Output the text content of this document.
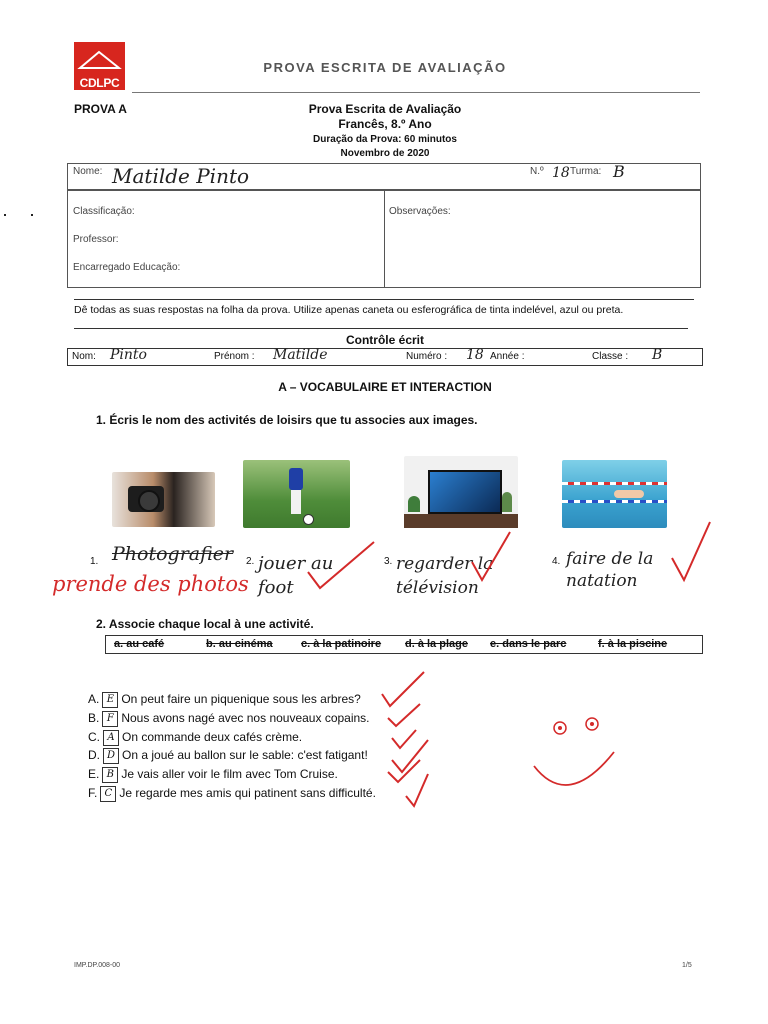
CDLPC
PROVA ESCRITA DE AVALIAÇÃO
PROVA A	Prova Escrita de Avaliação
Francês, 8.º Ano
Duração da Prova: 60 minutos
Novembro de 2020
Nome: Matilde Pinto	N.º 18 Turma: B
Classificação:
Professor:
Encarregado Educação:
Observações:
Dê todas as suas respostas na folha da prova. Utilize apenas caneta ou esferográfica de tinta indelével, azul ou preta.
Contrôle écrit
Nom: Pinto	Prénom : Matilde	Numéro : 18 Année :	Classe : B
A – VOCABULAIRE ET INTERACTION
1. Écris le nom des activités de loisirs que tu associes aux images.
1. Photografier
prende des photos
2. jouer au foot
3. regarder la télévision
4. faire de la natation
2. Associe chaque local à une activité.
a. au café	b. au cinéma	c. à la patinoire d. à la plage e. dans le parc	f. à la piscine
A. E On peut faire un piquenique sous les arbres?
B. F Nous avons nagé avec nos nouveaux copains.
C. A On commande deux cafés crème.
D. D On a joué au ballon sur le sable: c'est fatigant!
E. B Je vais aller voir le film avec Tom Cruise.
F. C Je regarde mes amis qui patinent sans difficulté.
IMP.DP.008-00	1/5
